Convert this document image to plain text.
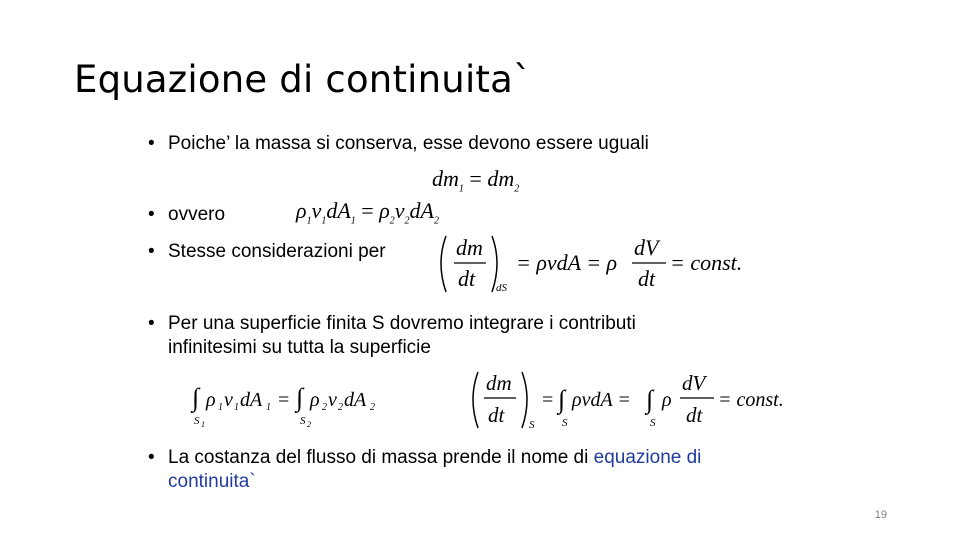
Equazione di continuita`
• Poiche’ la massa si conserva, esse devono essere uguali
$dm_1 = dm_2$
• ovvero	$\rho_1v_1dA_1 = \rho_2v_2dA_2$
• Stesse considerazioni per	dm
dt dS
= ρvdA = ρ
dV
dt
= const.
• Per una superficie finita S dovremo integrare i contributi
infinitesimi su tutta la superficie
∫
S 1
ρ 1 v 1 dA 1 = ∫
S 2
ρ 2 v 2 dA 2
dm
dt S
= ∫
S
ρvdA = ∫
S
ρ
dV
dt
= const.
• La costanza del flusso di massa prende il nome di equazione di
continuita`
19
